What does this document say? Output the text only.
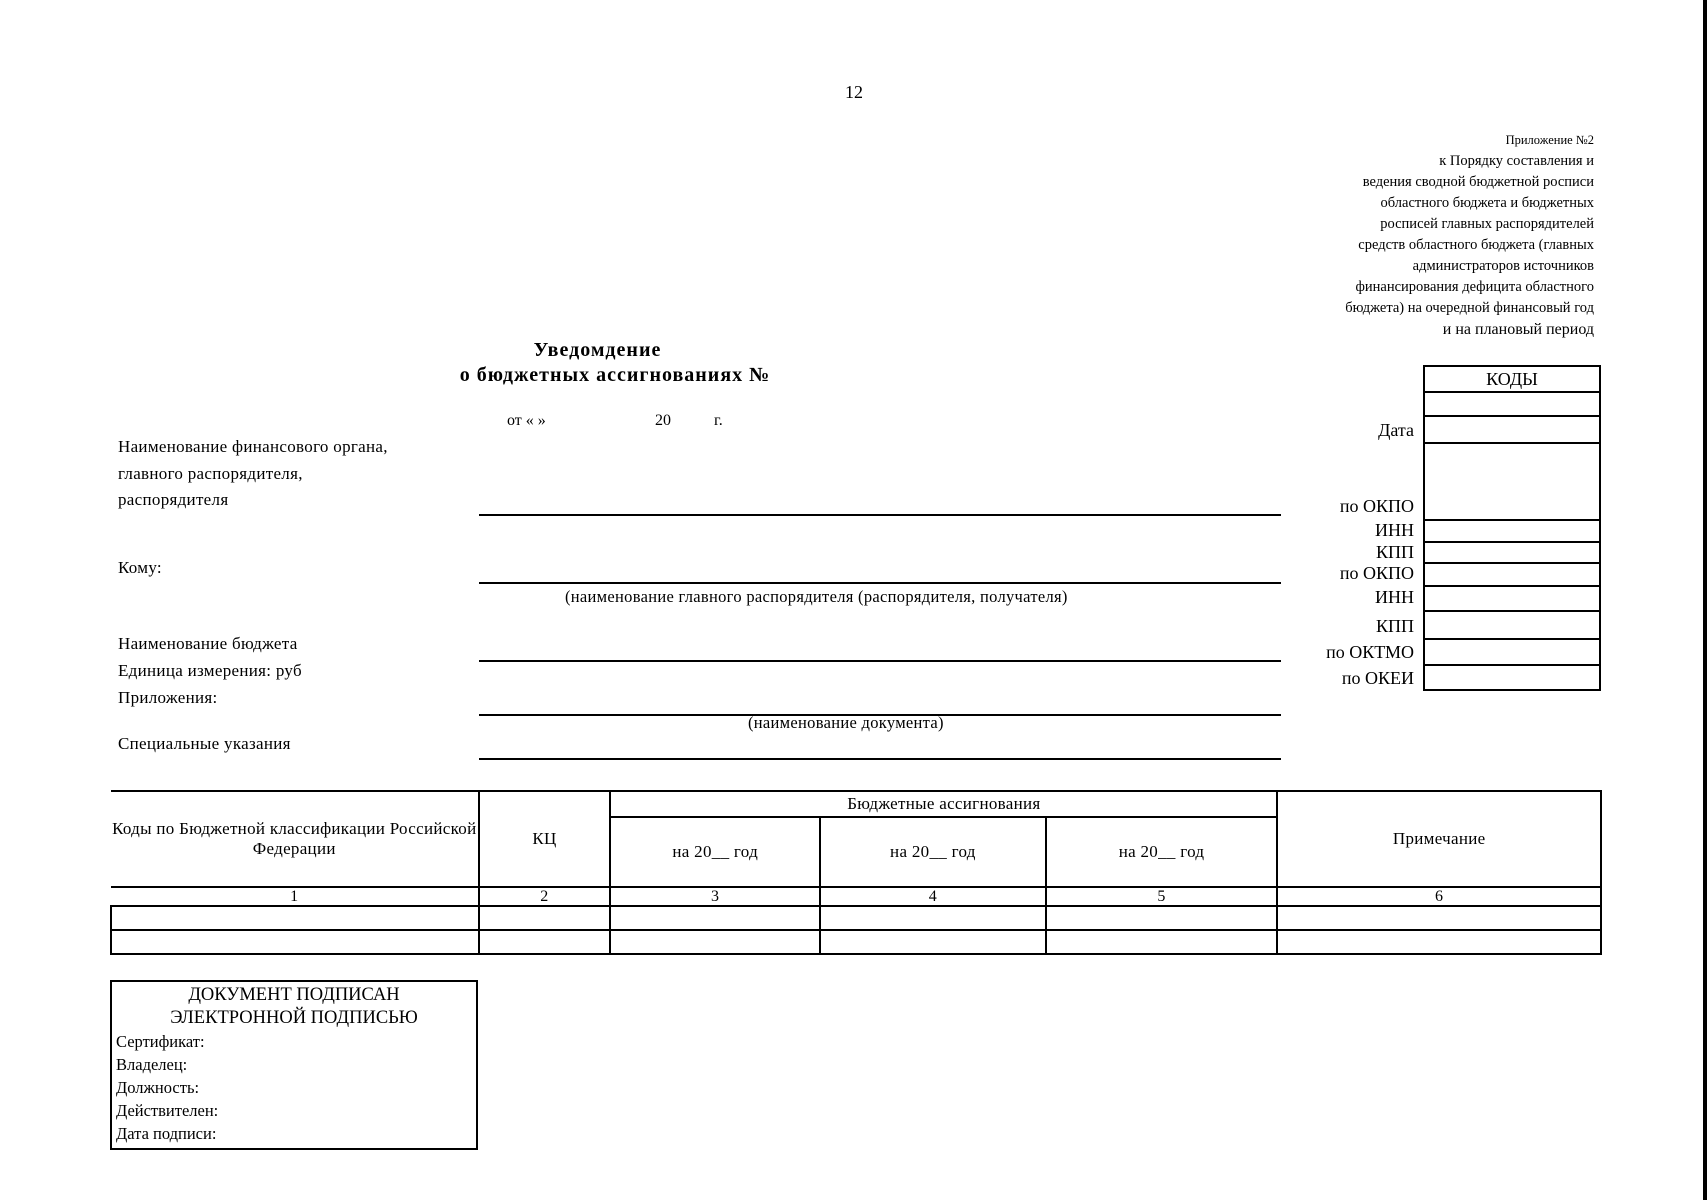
12
Приложение №2
к Порядку составления и
ведения сводной бюджетной росписи
областного бюджета и бюджетных
росписей главных распорядителей
средств областного бюджета (главных
администраторов источников
финансирования дефицита областного
бюджета) на очередной финансовый год
и на плановый период
Уведомдение
о бюджетных ассигнованиях №
от « »	20	г.
Наименование финансового органа,
главного распорядителя,
распорядителя
Кому:
(наименование главного распорядителя (распорядителя, получателя)
Наименование бюджета
Единица измерения: руб
Приложения:
(наименование документа)
Специальные указания
Дата
по ОКПО
ИНН
КПП
по ОКПО
ИНН
КПП
по ОКТМО
по ОКЕИ
КОДЫ
Коды по Бюджетной классификации Российской Федерации	КЦ	Бюджетные ассигнования			Примечание
		на 20__ год	на 20__ год	на 20__ год	
1	2	3	4	5	6

ДОКУМЕНТ ПОДПИСАН
ЭЛЕКТРОННОЙ ПОДПИСЬЮ
Сертификат:
Владелец:
Должность:
Действителен:
Дата подписи:
